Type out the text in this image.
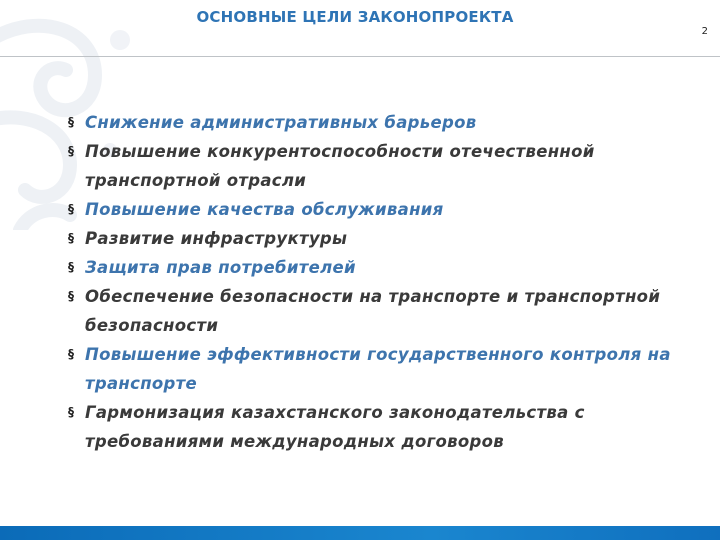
ОСНОВНЫЕ ЦЕЛИ ЗАКОНОПРОЕКТА
2
§ Снижение административных барьеров
§ Повышение конкурентоспособности отечественной транспортной отрасли
§ Повышение качества обслуживания
§ Развитие инфраструктуры
§ Защита прав потребителей
§ Обеспечение безопасности на транспорте и транспортной безопасности
§ Повышение эффективности государственного контроля на транспорте
§ Гармонизация казахстанского законодательства с требованиями международных договоров
